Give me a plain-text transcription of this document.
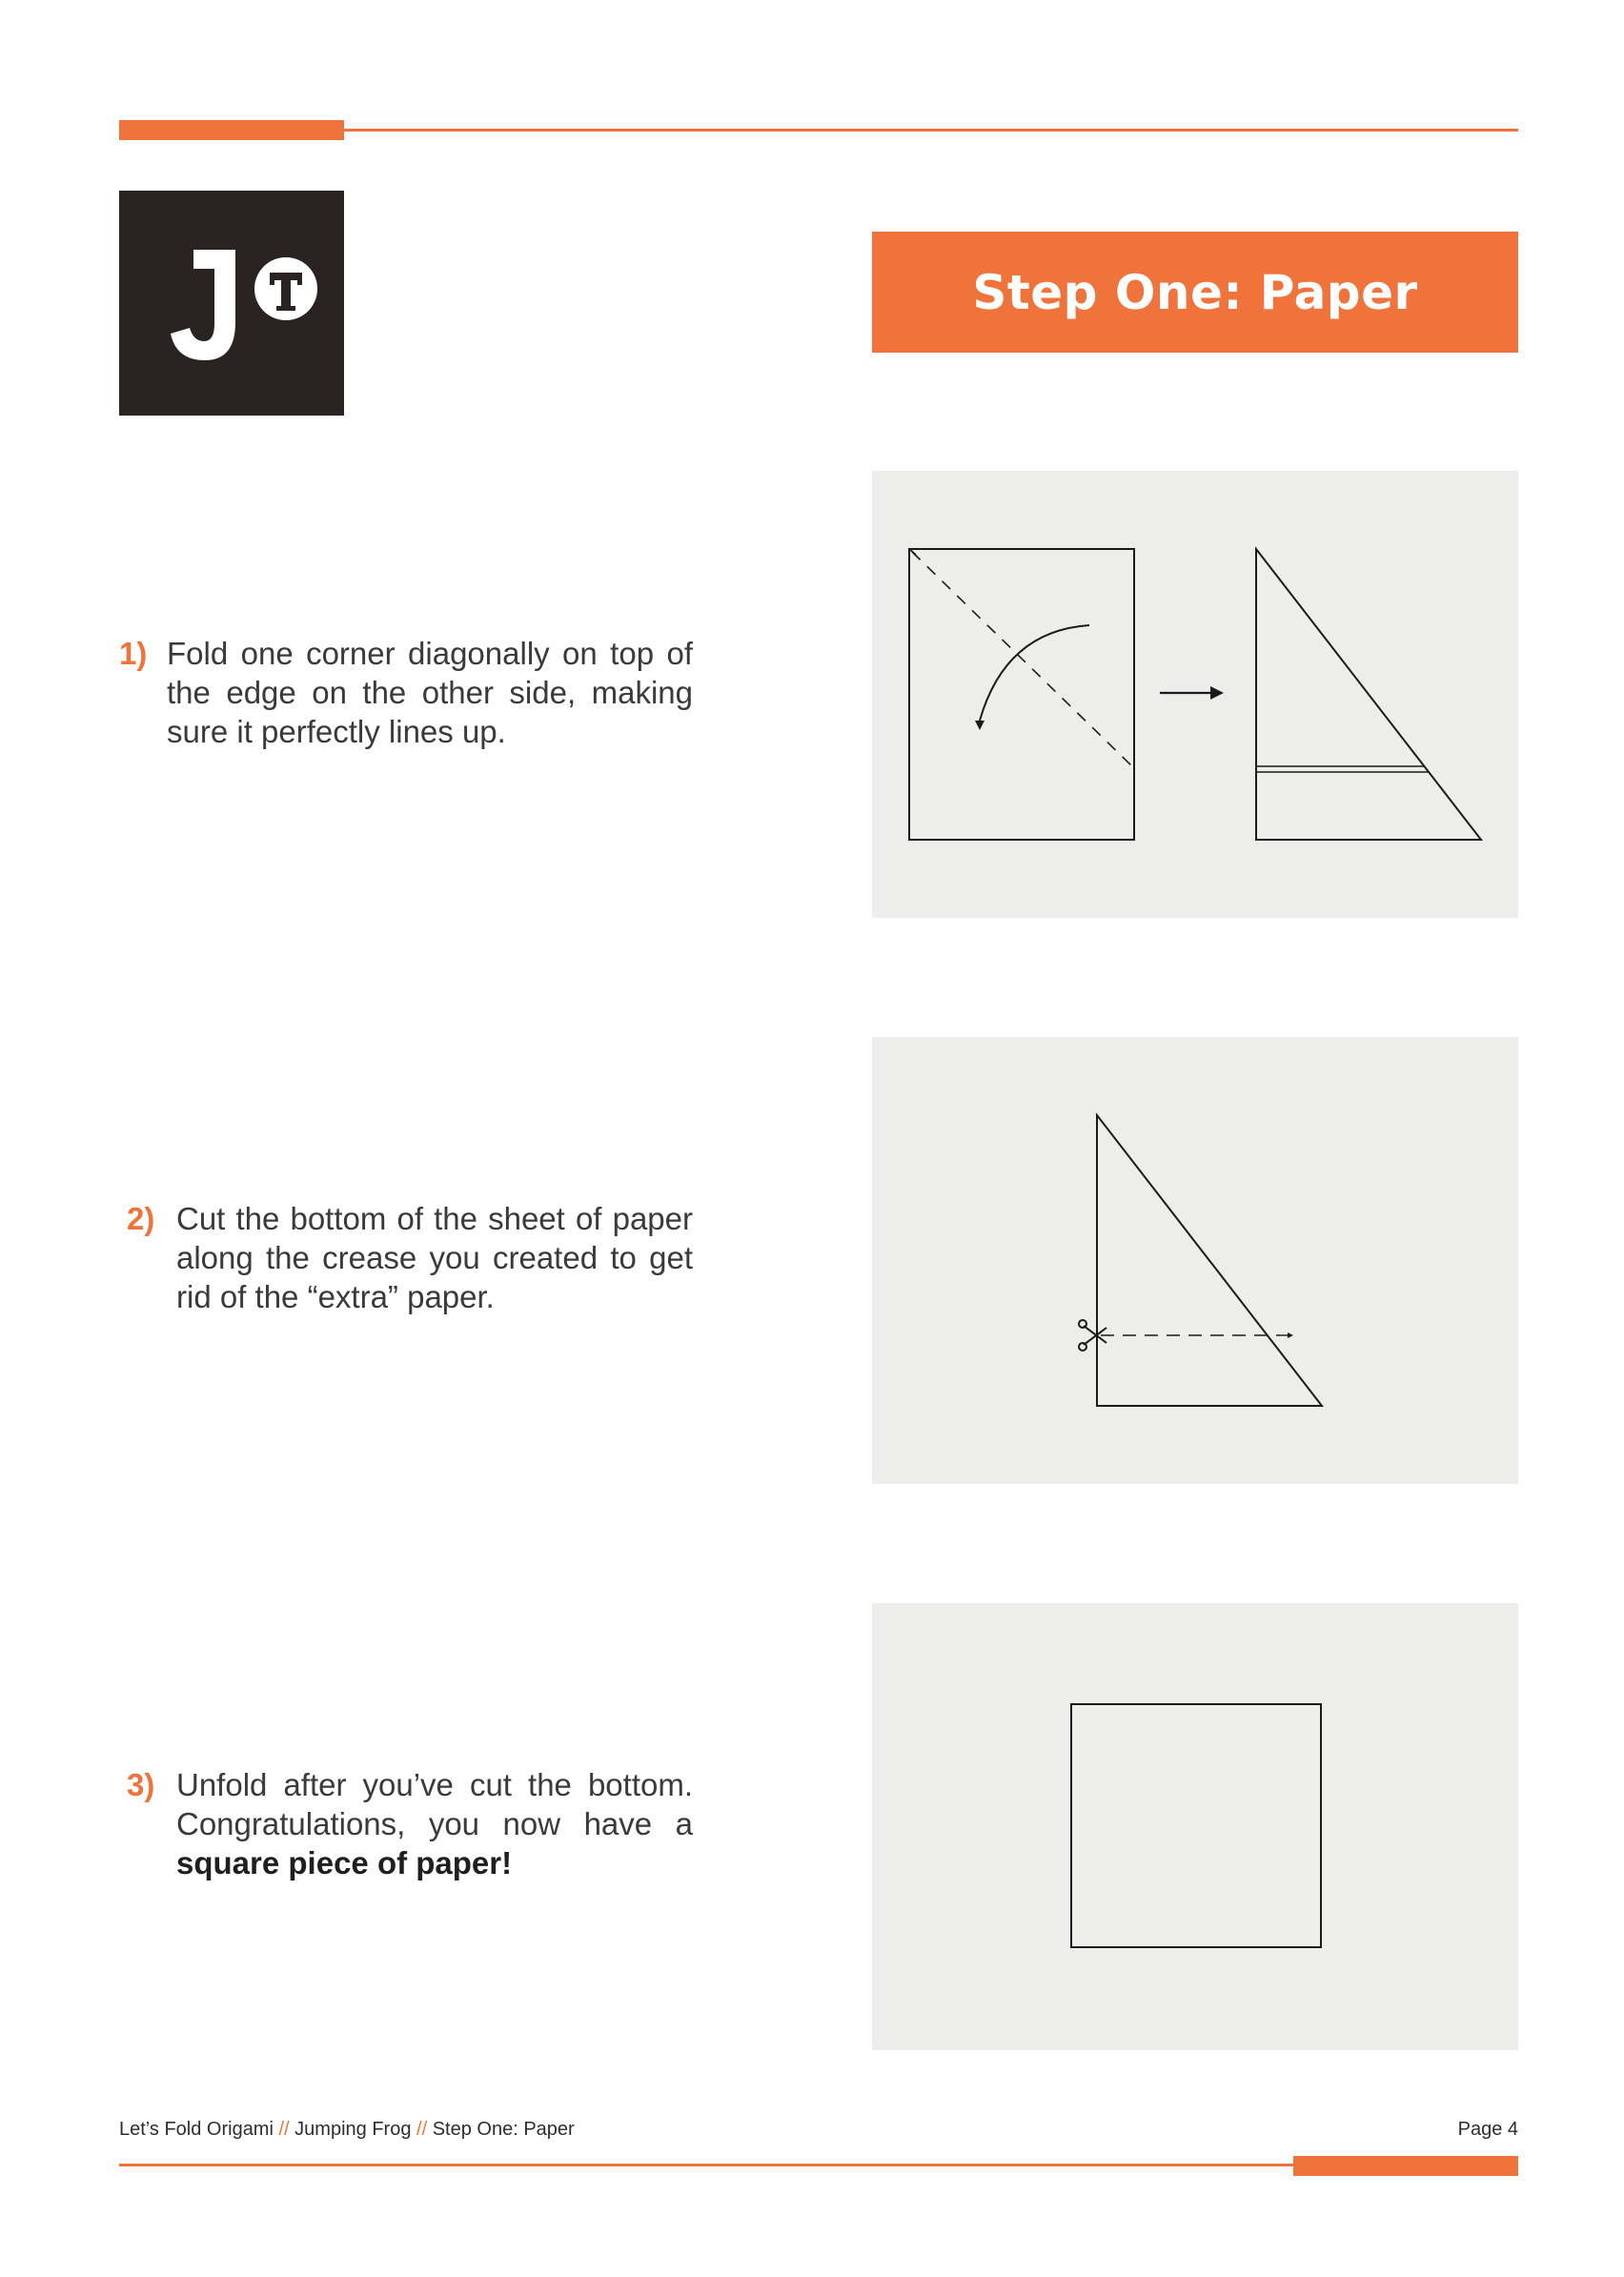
Step One: Paper
1) Fold one corner diagonally on top of the edge on the other side, making sure it perfectly lines up.
2) Cut the bottom of the sheet of paper along the crease you created to get rid of the “extra” paper.
3) Unfold after you’ve cut the bottom. Congratulations, you now have a square piece of paper!
Let’s Fold Origami // Jumping Frog // Step One: Paper	Page 4
